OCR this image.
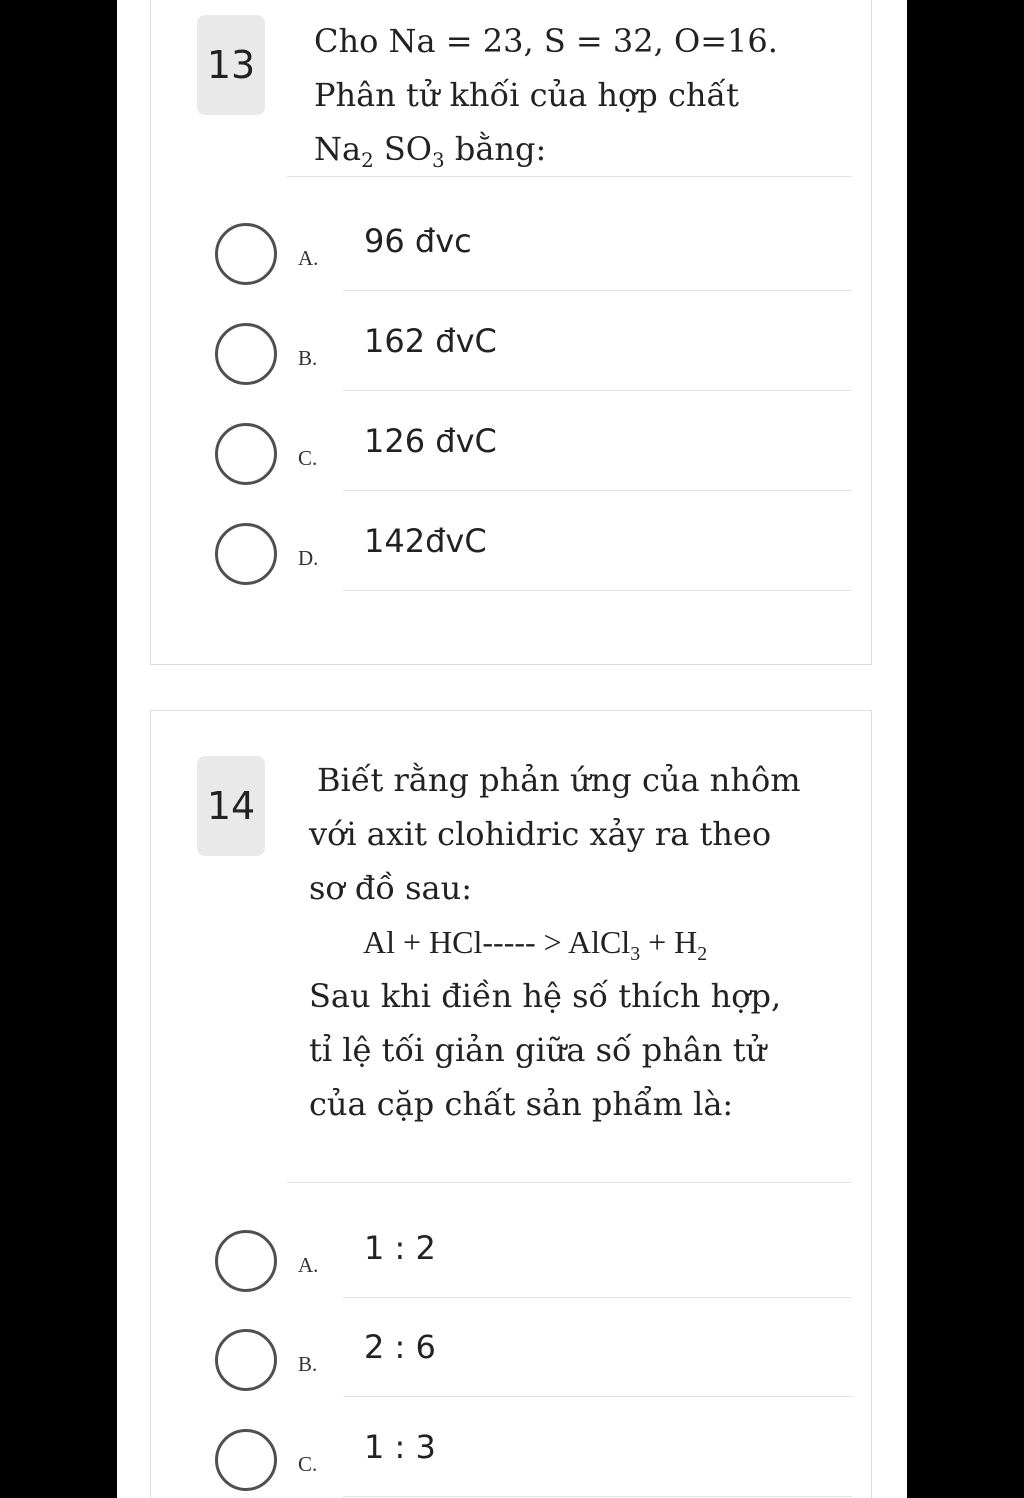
13
Cho Na = 23, S = 32, O=16.
Phân tử khối của hợp chất
$Na_2$ $SO_3$ bằng:
A. 96 đvc
B. 162 đvC
C. 126 đvC
D. 142đvC
14
Biết rằng phản ứng của nhôm
với axit clohidric xảy ra theo
sơ đồ sau:
Al + HCl----- > AlCl$_3$ + $H_2$
Sau khi điền hệ số thích hợp,
tỉ lệ tối giản giữa số phân tử
của cặp chất sản phẩm là:
A. 1 : 2
B. 2 : 6
C. 1 : 3
